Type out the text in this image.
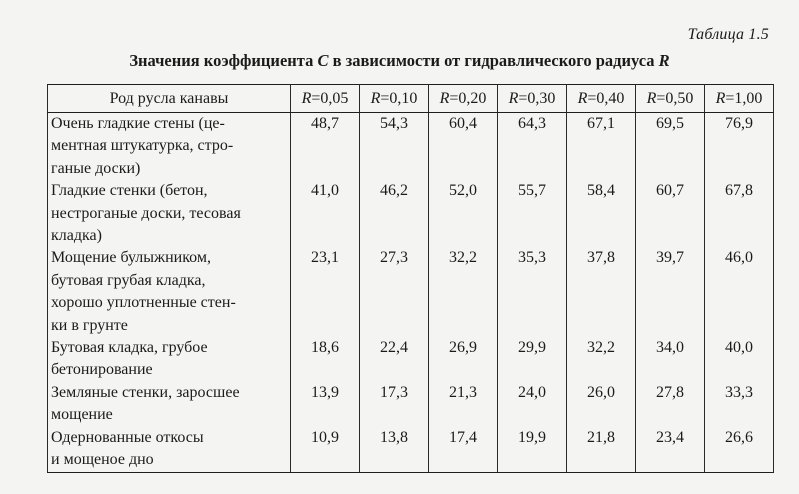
Таблица 1.5
Значения коэффициента C в зависимости от гидравлического радиуса R
Род русла канавы	R=0,05	R=0,10	R=0,20	R=0,30	R=0,40	R=0,50	R=1,00

Очень гладкие стены (це-
ментная штукатурка, стро-
ганые доски)	48,7	54,3	60,4	64,3	67,1	69,5	76,9

Гладкие стенки (бетон,
нестроганые доски, тесовая
кладка)	41,0	46,2	52,0	55,7	58,4	60,7	67,8

Мощение булыжником,
бутовая грубая кладка,
хорошо уплотненные стен-
ки в грунте	23,1	27,3	32,2	35,3	37,8	39,7	46,0

Бутовая кладка, грубое
бетонирование	18,6	22,4	26,9	29,9	32,2	34,0	40,0

Земляные стенки, заросшее
мощение	13,9	17,3	21,3	24,0	26,0	27,8	33,3

Одернованные откосы
и мощеное дно	10,9	13,8	17,4	19,9	21,8	23,4	26,6
